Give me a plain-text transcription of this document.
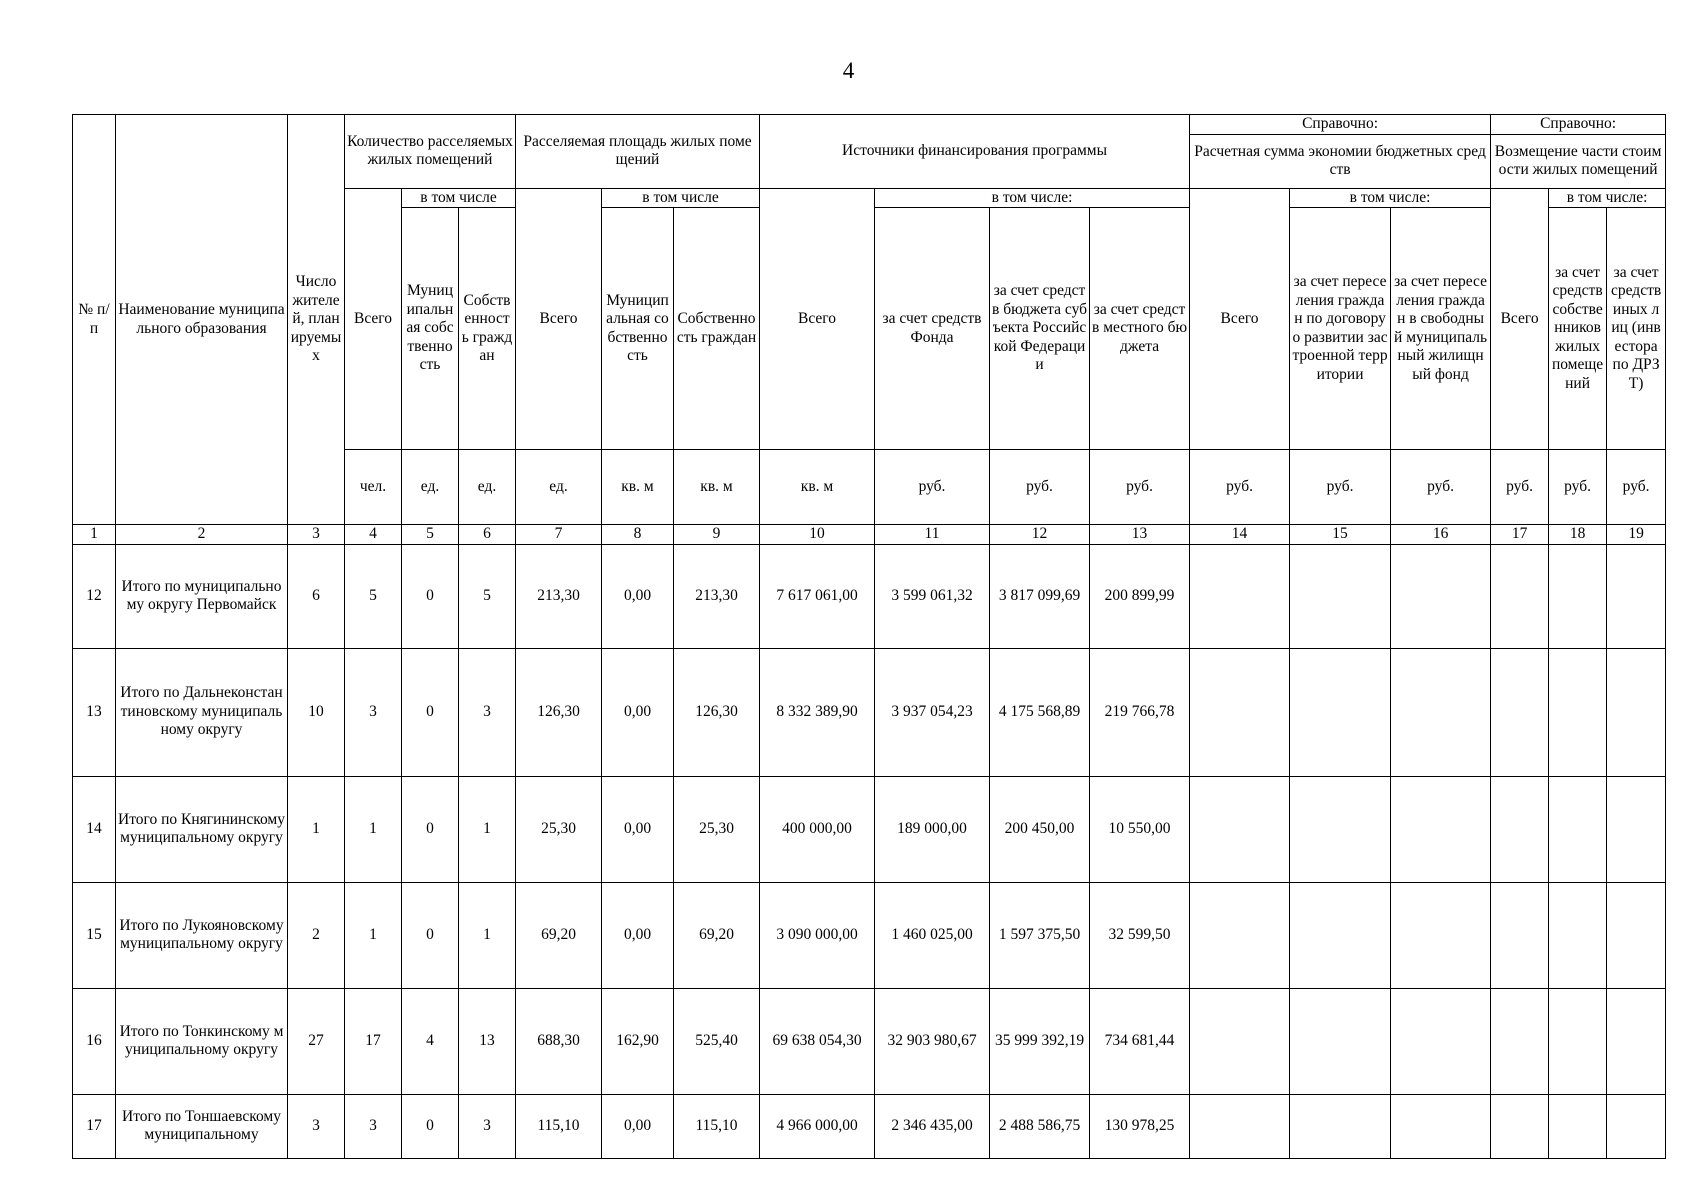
4
№ п/п	Наименование муниципального образования	Число жителей, планируемых	Количество расселяемых жилых помещений			Расселяемая площадь жилых помещений			Источники финансирования программы				Справочно:			Справочно:			
													Расчетная сумма экономии бюджетных средств			Возмещение части стоимости жилых помещений			
			Всего	в том числе		Всего	в том числе		Всего	в том числе:			Всего	в том числе:		Всего	в том числе:		
				Муниципальная собственность	Собственность граждан		Муниципальная собственность	Собственность граждан		за счет средств Фонда	за счет средств бюджета субъекта Российской Федерации	за счет средств местного бюджета		за счет переселения граждан по договору о развитии застроенной территории	за счет переселения граждан в свободный муниципальный жилищный фонд		за счет средств собственников жилых помещений	за счет средств иных лиц (инвестора по ДРЗТ)	
			чел.	ед.	ед.	ед.	кв. м	кв. м	кв. м	руб.	руб.	руб.	руб.	руб.	руб.	руб.	руб.	руб.	
1	2	3	4	5	6	7	8	9	10	11	12	13	14	15	16	17	18	19	
12	Итого по муниципальному округу Первомайск	6	5	0	5	213,30	0,00	213,30	7 617 061,00	3 599 061,32	3 817 099,69	200 899,99							
13	Итого по Дальнеконстантиновскому муниципальному округу	10	3	0	3	126,30	0,00	126,30	8 332 389,90	3 937 054,23	4 175 568,89	219 766,78							
14	Итого по Княгининскому муниципальному округу	1	1	0	1	25,30	0,00	25,30	400 000,00	189 000,00	200 450,00	10 550,00							
15	Итого по Лукояновскому муниципальному округу	2	1	0	1	69,20	0,00	69,20	3 090 000,00	1 460 025,00	1 597 375,50	32 599,50							
16	Итого по Тонкинскому муниципальному округу	27	17	4	13	688,30	162,90	525,40	69 638 054,30	32 903 980,67	35 999 392,19	734 681,44							
17	Итого по Тоншаевскому муниципальному	3	3	0	3	115,10	0,00	115,10	4 966 000,00	2 346 435,00	2 488 586,75	130 978,25							
